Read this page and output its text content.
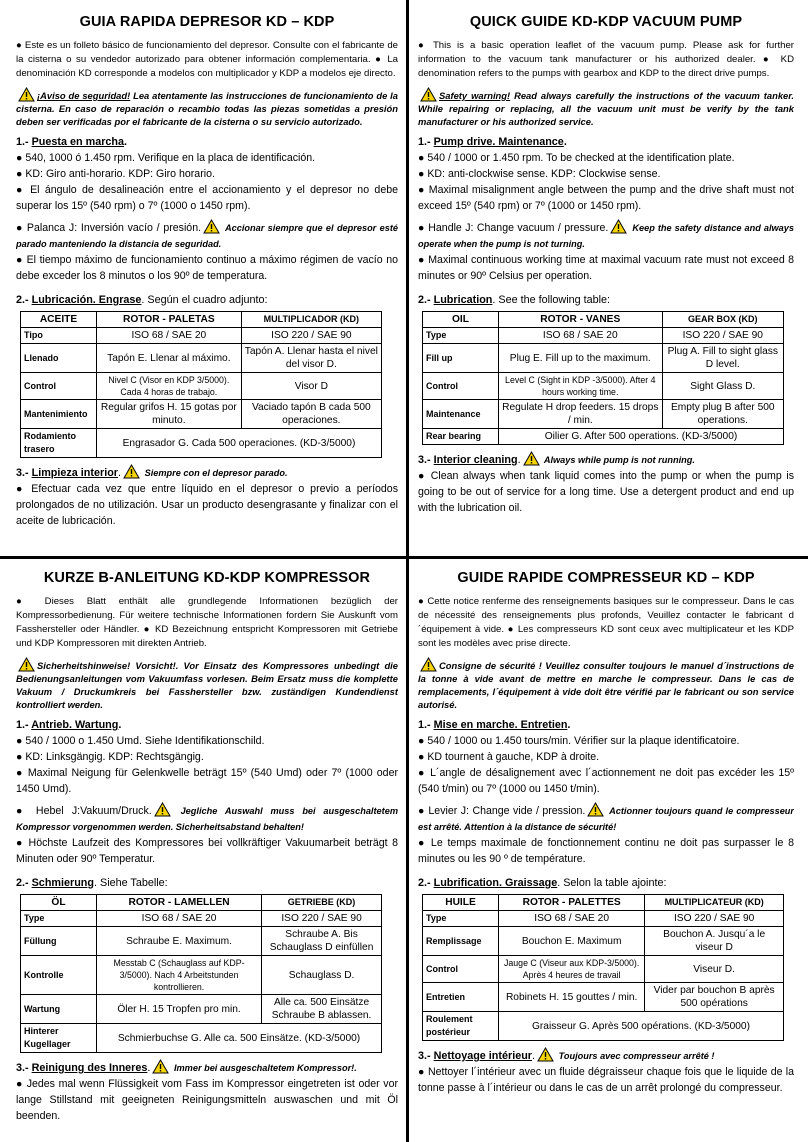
GUIA RAPIDA DEPRESOR KD – KDP

● Este es un folleto básico de funcionamiento del depresor. Consulte con el fabricante de la cisterna o su vendedor autorizado para obtener información complementaria. ● La denominación KD corresponde a modelos con multiplicador y KDP a modelos eje directo.

¡Aviso de seguridad! Lea atentamente las instrucciones de funcionamiento de la cisterna. En caso de reparación o recambio todas las piezas sometidas a presión deben ser verificadas por el fabricante de la cisterna o su servicio autorizado.

1.- Puesta en marcha.

● 540, 1000 ó 1.450 rpm. Verifique en la placa de identificación.

● KD: Giro anti-horario. KDP: Giro horario.

● El ángulo de desalineación entre el accionamiento y el depresor no debe superar los 15º (540 rpm) o 7º (1000 o 1450 rpm).

● Palanca J: Inversión vacío / presión. Accionar siempre que el depresor esté parado manteniendo la distancia de seguridad.

● El tiempo máximo de funcionamiento continuo a máximo régimen de vacío no debe exceder los 8 minutos o los 90º de temperatura.

2.- Lubricación. Engrase. Según el cuadro adjunto:

ACEITE	ROTOR - PALETAS	MULTIPLICADOR (KD)
Tipo	ISO 68 / SAE 20	ISO 220 / SAE 90
Llenado	Tapón E. Llenar al máximo.	Tapón A. Llenar hasta el nivel del visor D.
Control	Nivel C (Visor en KDP 3/5000). Cada 4 horas de trabajo.	Visor D
Mantenimiento	Regular grifos H. 15 gotas por minuto.	Vaciado tapón B cada 500 operaciones.
Rodamiento trasero	Engrasador G. Cada 500 operaciones. (KD-3/5000)	

3.- Limpieza interior. Siempre con el depresor parado.

● Efectuar cada vez que entre líquido en el depresor o previo a períodos prolongados de no utilización. Usar un producto desengrasante y finalizar con el aceite de lubricación.

QUICK GUIDE KD-KDP VACUUM PUMP

● This is a basic operation leaflet of the vacuum pump. Please ask for further information to the vacuum tank manufacturer or his authorized dealer. ● KD denomination refers to the pumps with gearbox and KDP to the direct drive pumps.

Safety warning! Read always carefully the instructions of the vacuum tanker. While repairing or replacing, all the vacuum unit must be verify by the tank manufacturer or his authorized service.

1.- Pump drive. Maintenance.

● 540 / 1000 or 1.450 rpm. To be checked at the identification plate.

● KD: anti-clockwise sense. KDP: Clockwise sense.

● Maximal misalignment angle between the pump and the drive shaft must not exceed 15º (540 rpm) or 7º (1000 or 1450 rpm).

● Handle J: Change vacuum / pressure. Keep the safety distance and always operate when the pump is not turning.

● Maximal continuous working time at maximal vacuum rate must not exceed 8 minutes or 90º Celsius per operation.

2.- Lubrication. See the following table:

OIL	ROTOR - VANES	GEAR BOX (KD)
Type	ISO 68 / SAE 20	ISO 220 / SAE 90
Fill up	Plug E. Fill up to the maximum.	Plug A. Fill to sight glass D level.
Control	Level C (Sight in KDP -3/5000). After 4 hours working time.	Sight Glass D.
Maintenance	Regulate H drop feeders. 15 drops / min.	Empty plug B after 500 operations.
Rear bearing	Oilier G. After 500 operations. (KD-3/5000)	

3.- Interior cleaning. Always while pump is not running.

● Clean always when tank liquid comes into the pump or when the pump is going to be out of service for a long time. Use a detergent product and end up with the lubrication oil.

KURZE B-ANLEITUNG KD-KDP KOMPRESSOR

● Dieses Blatt enthält alle grundlegende Informationen bezüglich der Kompressorbedienung. Für weitere technische Informationen fordern Sie Auskunft vom Fasshersteller oder Händler. ● KD Bezeichnung entspricht Kompressoren mit Getriebe und KDP Kompressoren mit direkten Antrieb.

Sicherheitshinweise! Vorsicht!. Vor Einsatz des Kompressores unbedingt die Bedienungsanleitungen vom Vakuumfass vorlesen. Beim Ersatz muss die komplette Vakuum / Druckumkreis bei Fasshersteller bzw. zuständigen Kundendienst kontrolliert werden.

1.- Antrieb. Wartung.

● 540 / 1000 o 1.450 Umd. Siehe Identifikationschild.

● KD: Linksgängig. KDP: Rechtsgängig.

● Maximal Neigung für Gelenkwelle beträgt 15º (540 Umd) oder 7º (1000 oder 1450 Umd).

● Hebel J:Vakuum/Druck. Jegliche Auswahl muss bei ausgeschaltetem Kompressor vorgenommen werden. Sicherheitsabstand behalten!

● Höchste Laufzeit des Kompressores bei vollkräftiger Vakuumarbeit beträgt 8 Minuten oder 90º Temperatur.

2.- Schmierung. Siehe Tabelle:

ÖL	ROTOR - LAMELLEN	GETRIEBE (KD)
Type	ISO 68 / SAE 20	ISO 220 / SAE 90
Füllung	Schraube E. Maximum.	Schraube A. Bis Schauglass D einfüllen
Kontrolle	Messtab C (Schauglass auf KDP-3/5000). Nach 4 Arbeitstunden kontrollieren.	Schauglass D.
Wartung	Öler H. 15 Tropfen pro min.	Alle ca. 500 Einsätze Schraube B ablassen.
Hinterer Kugellager	Schmierbuchse G. Alle ca. 500 Einsätze. (KD-3/5000)	

3.- Reinigung des Inneres. Immer bei ausgeschaltetem Kompressor!.

● Jedes mal wenn Flüssigkeit vom Fass im Kompressor eingetreten ist oder vor lange Stillstand mit geeigneten Reinigungsmitteln auswaschen und mit Öl beenden.

GUIDE RAPIDE COMPRESSEUR KD – KDP

● Cette notice renferme des renseignements basiques sur le compresseur. Dans le cas de nécessité des renseignements plus profonds, Veuillez contacter le fabricant d´équipement à vide. ● Les compresseurs KD sont ceux avec multiplicateur et les KDP sont les modèles avec prise directe.

Consigne de sécurité ! Veuillez consulter toujours le manuel d´instructions de la tonne à vide avant de mettre en marche le compresseur. Dans le cas de remplacements, l´équipement à vide doit être vérifié par le fabricant ou son service autorisé.

1.- Mise en marche. Entretien.

● 540 / 1000 ou 1.450 tours/min. Vérifier sur la plaque identificatoire.

● KD tournent à gauche, KDP à droite.

● L´angle de désalignement avec l´actionnement ne doit pas excéder les 15º (540 t/min) ou 7º (1000 ou 1450 t/min).

● Levier J: Change vide / pression. Actionner toujours quand le compresseur est arrêté. Attention à la distance de sécurité!

● Le temps maximale de fonctionnement continu ne doit pas surpasser le 8 minutes ou les 90 º de température.

2.- Lubrification. Graissage. Selon la table ajointe:

HUILE	ROTOR - PALETTES	MULTIPLICATEUR (KD)
Type	ISO 68 / SAE 20	ISO 220 / SAE 90
Remplissage	Bouchon E. Maximum	Bouchon A. Jusqu´a le viseur D
Control	Jauge C (Viseur aux KDP-3/5000). Après 4 heures de travail	Viseur D.
Entretien	Robinets H. 15 gouttes / min.	Vider par bouchon B après 500 opérations
Roulement postérieur	Graisseur G. Après 500 opérations. (KD-3/5000)	

3.- Nettoyage intérieur. Toujours avec compresseur arrêté !

● Nettoyer l´intérieur avec un fluide dégraisseur chaque fois que le liquide de la tonne passe à l´intérieur ou dans le cas de un arrêt prolongé du compresseur.
